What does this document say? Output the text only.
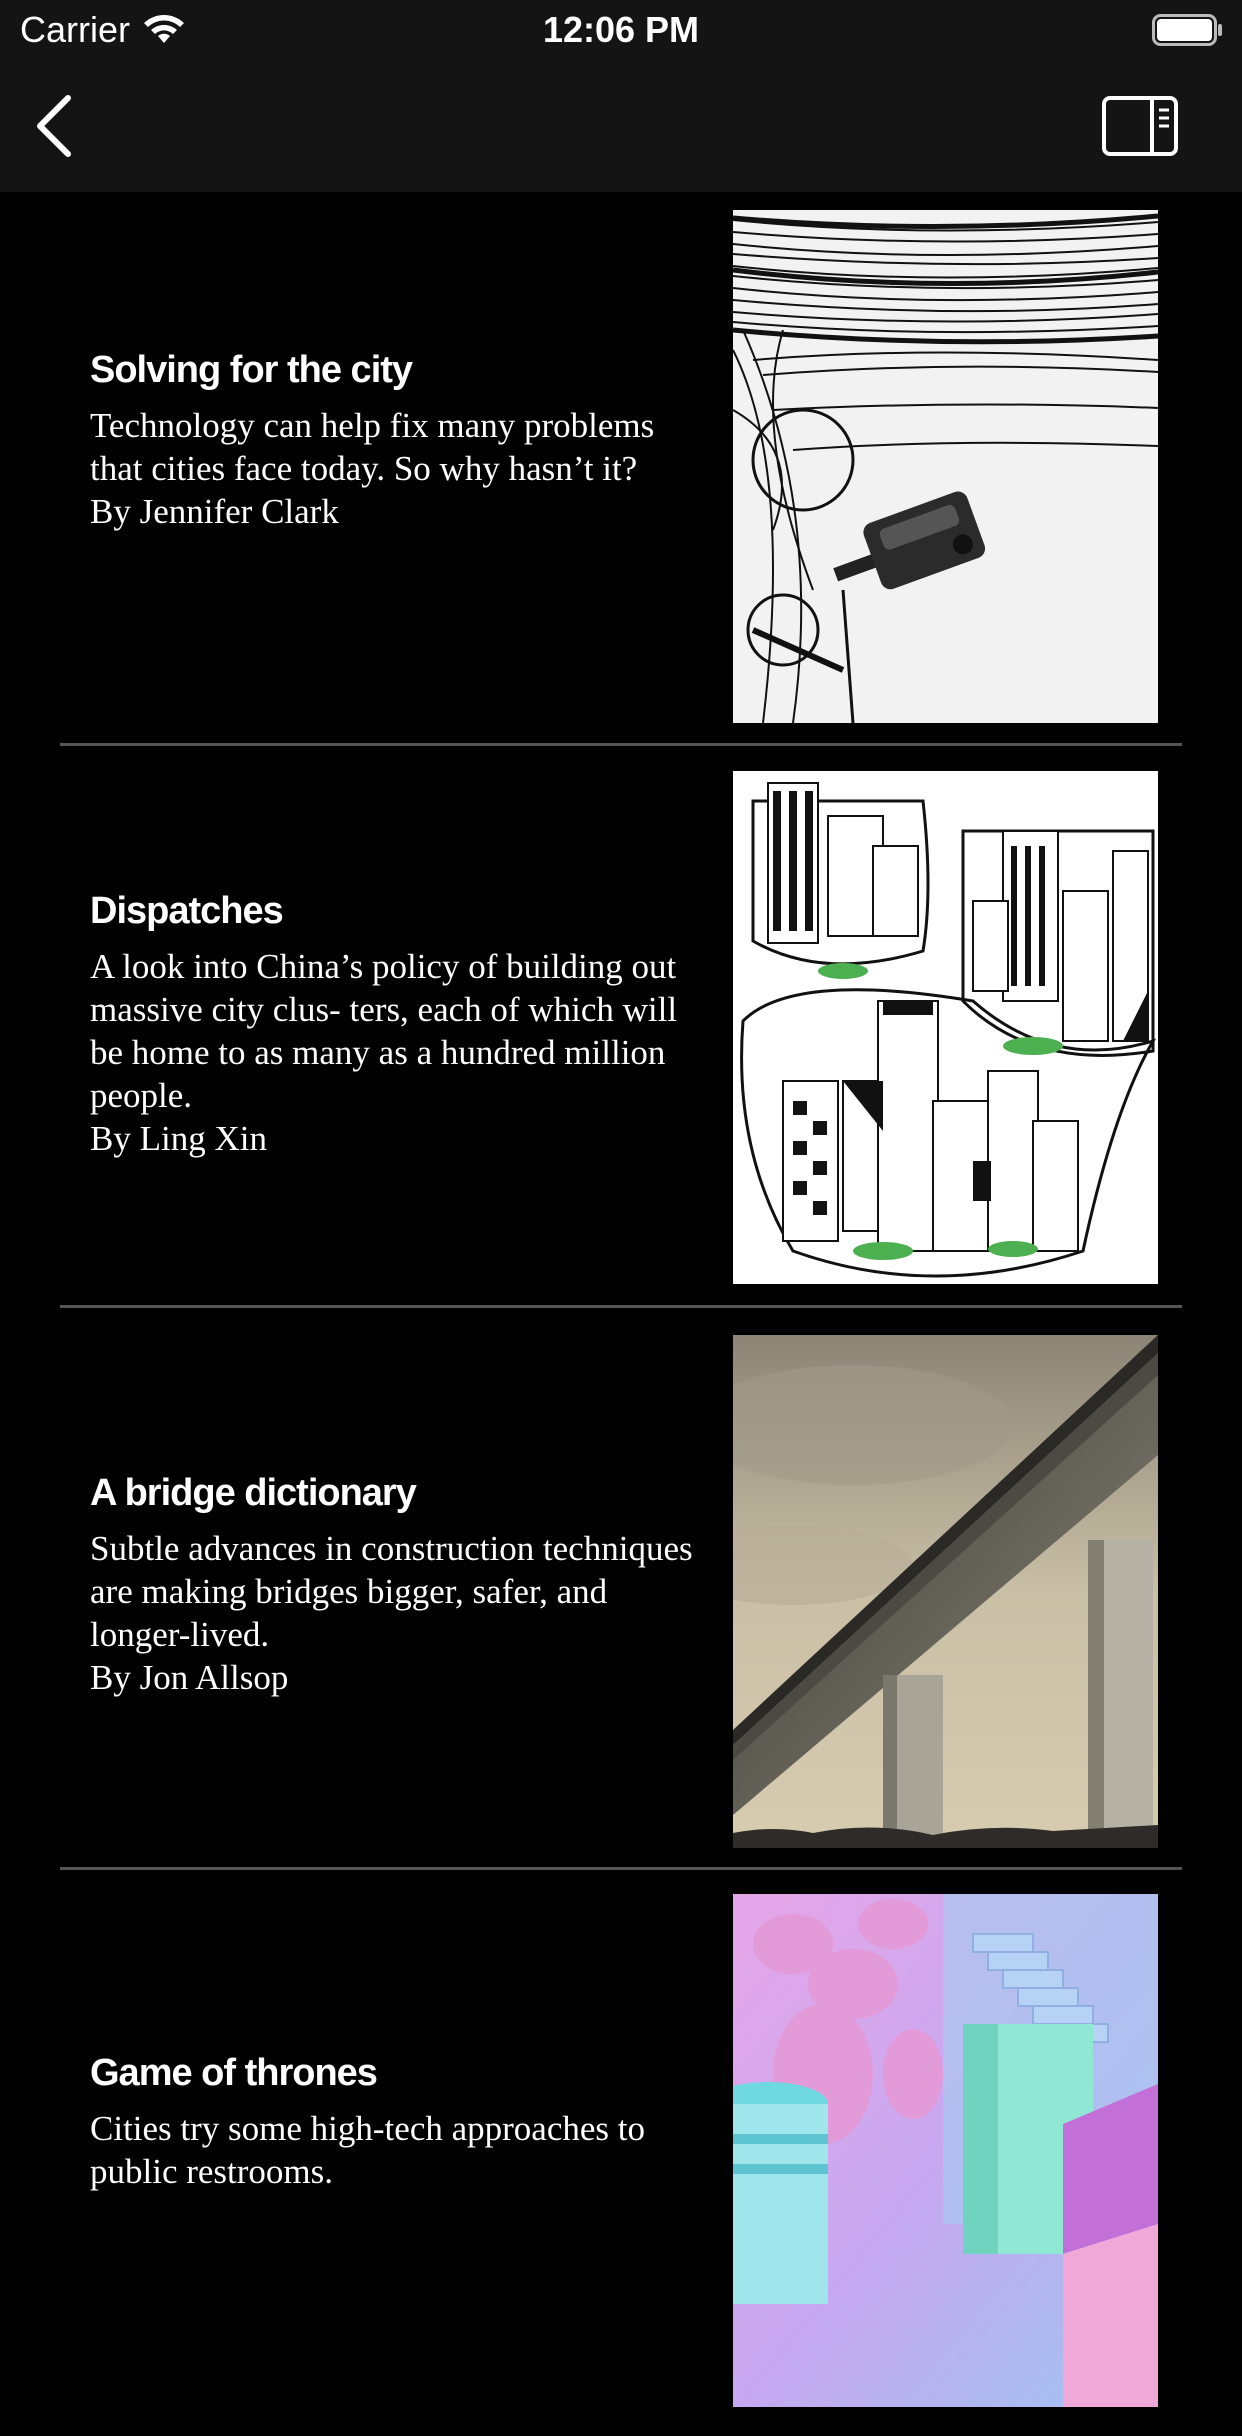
Carrier	12:06 PM
Solving for the city

Technology can help fix many problems that cities face today. So why hasn’t it?

By Jennifer Clark

Dispatches

A look into China’s policy of building out massive city clus- ters, each of which will be home to as many as a hundred million people.

By Ling Xin

A bridge dictionary

Subtle advances in construction techniques are making bridges bigger, safer, and longer-lived.

By Jon Allsop

Game of thrones

Cities try some high-tech approaches to public restrooms.
